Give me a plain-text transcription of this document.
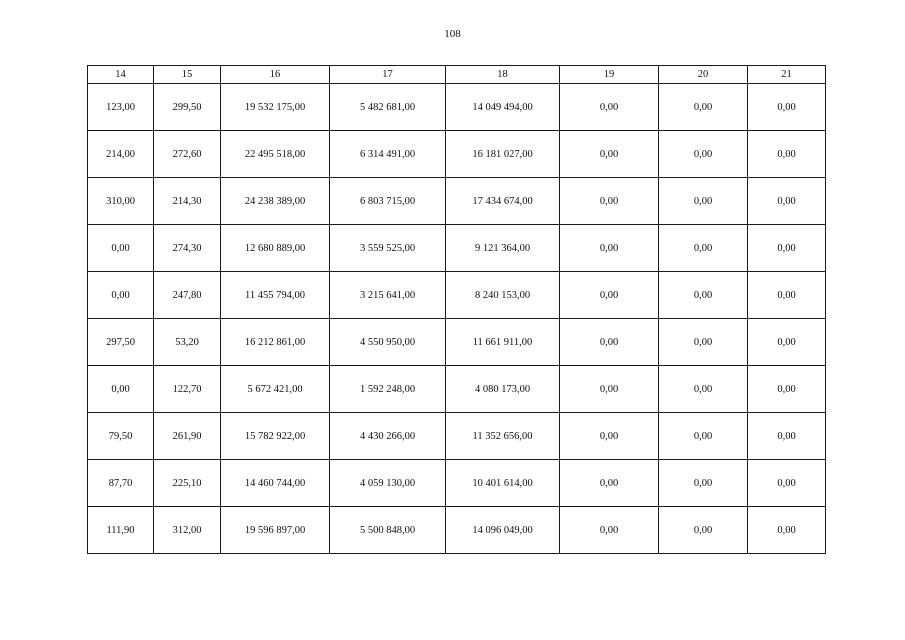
108
14	15	16	17	18	19	20	21
123,00	299,50	19 532 175,00	5 482 681,00	14 049 494,00	0,00	0,00	0,00
214,00	272,60	22 495 518,00	6 314 491,00	16 181 027,00	0,00	0,00	0,00
310,00	214,30	24 238 389,00	6 803 715,00	17 434 674,00	0,00	0,00	0,00
0,00	274,30	12 680 889,00	3 559 525,00	9 121 364,00	0,00	0,00	0,00
0,00	247,80	11 455 794,00	3 215 641,00	8 240 153,00	0,00	0,00	0,00
297,50	53,20	16 212 861,00	4 550 950,00	11 661 911,00	0,00	0,00	0,00
0,00	122,70	5 672 421,00	1 592 248,00	4 080 173,00	0,00	0,00	0,00
79,50	261,90	15 782 922,00	4 430 266,00	11 352 656,00	0,00	0,00	0,00
87,70	225,10	14 460 744,00	4 059 130,00	10 401 614,00	0,00	0,00	0,00
111,90	312,00	19 596 897,00	5 500 848,00	14 096 049,00	0,00	0,00	0,00
